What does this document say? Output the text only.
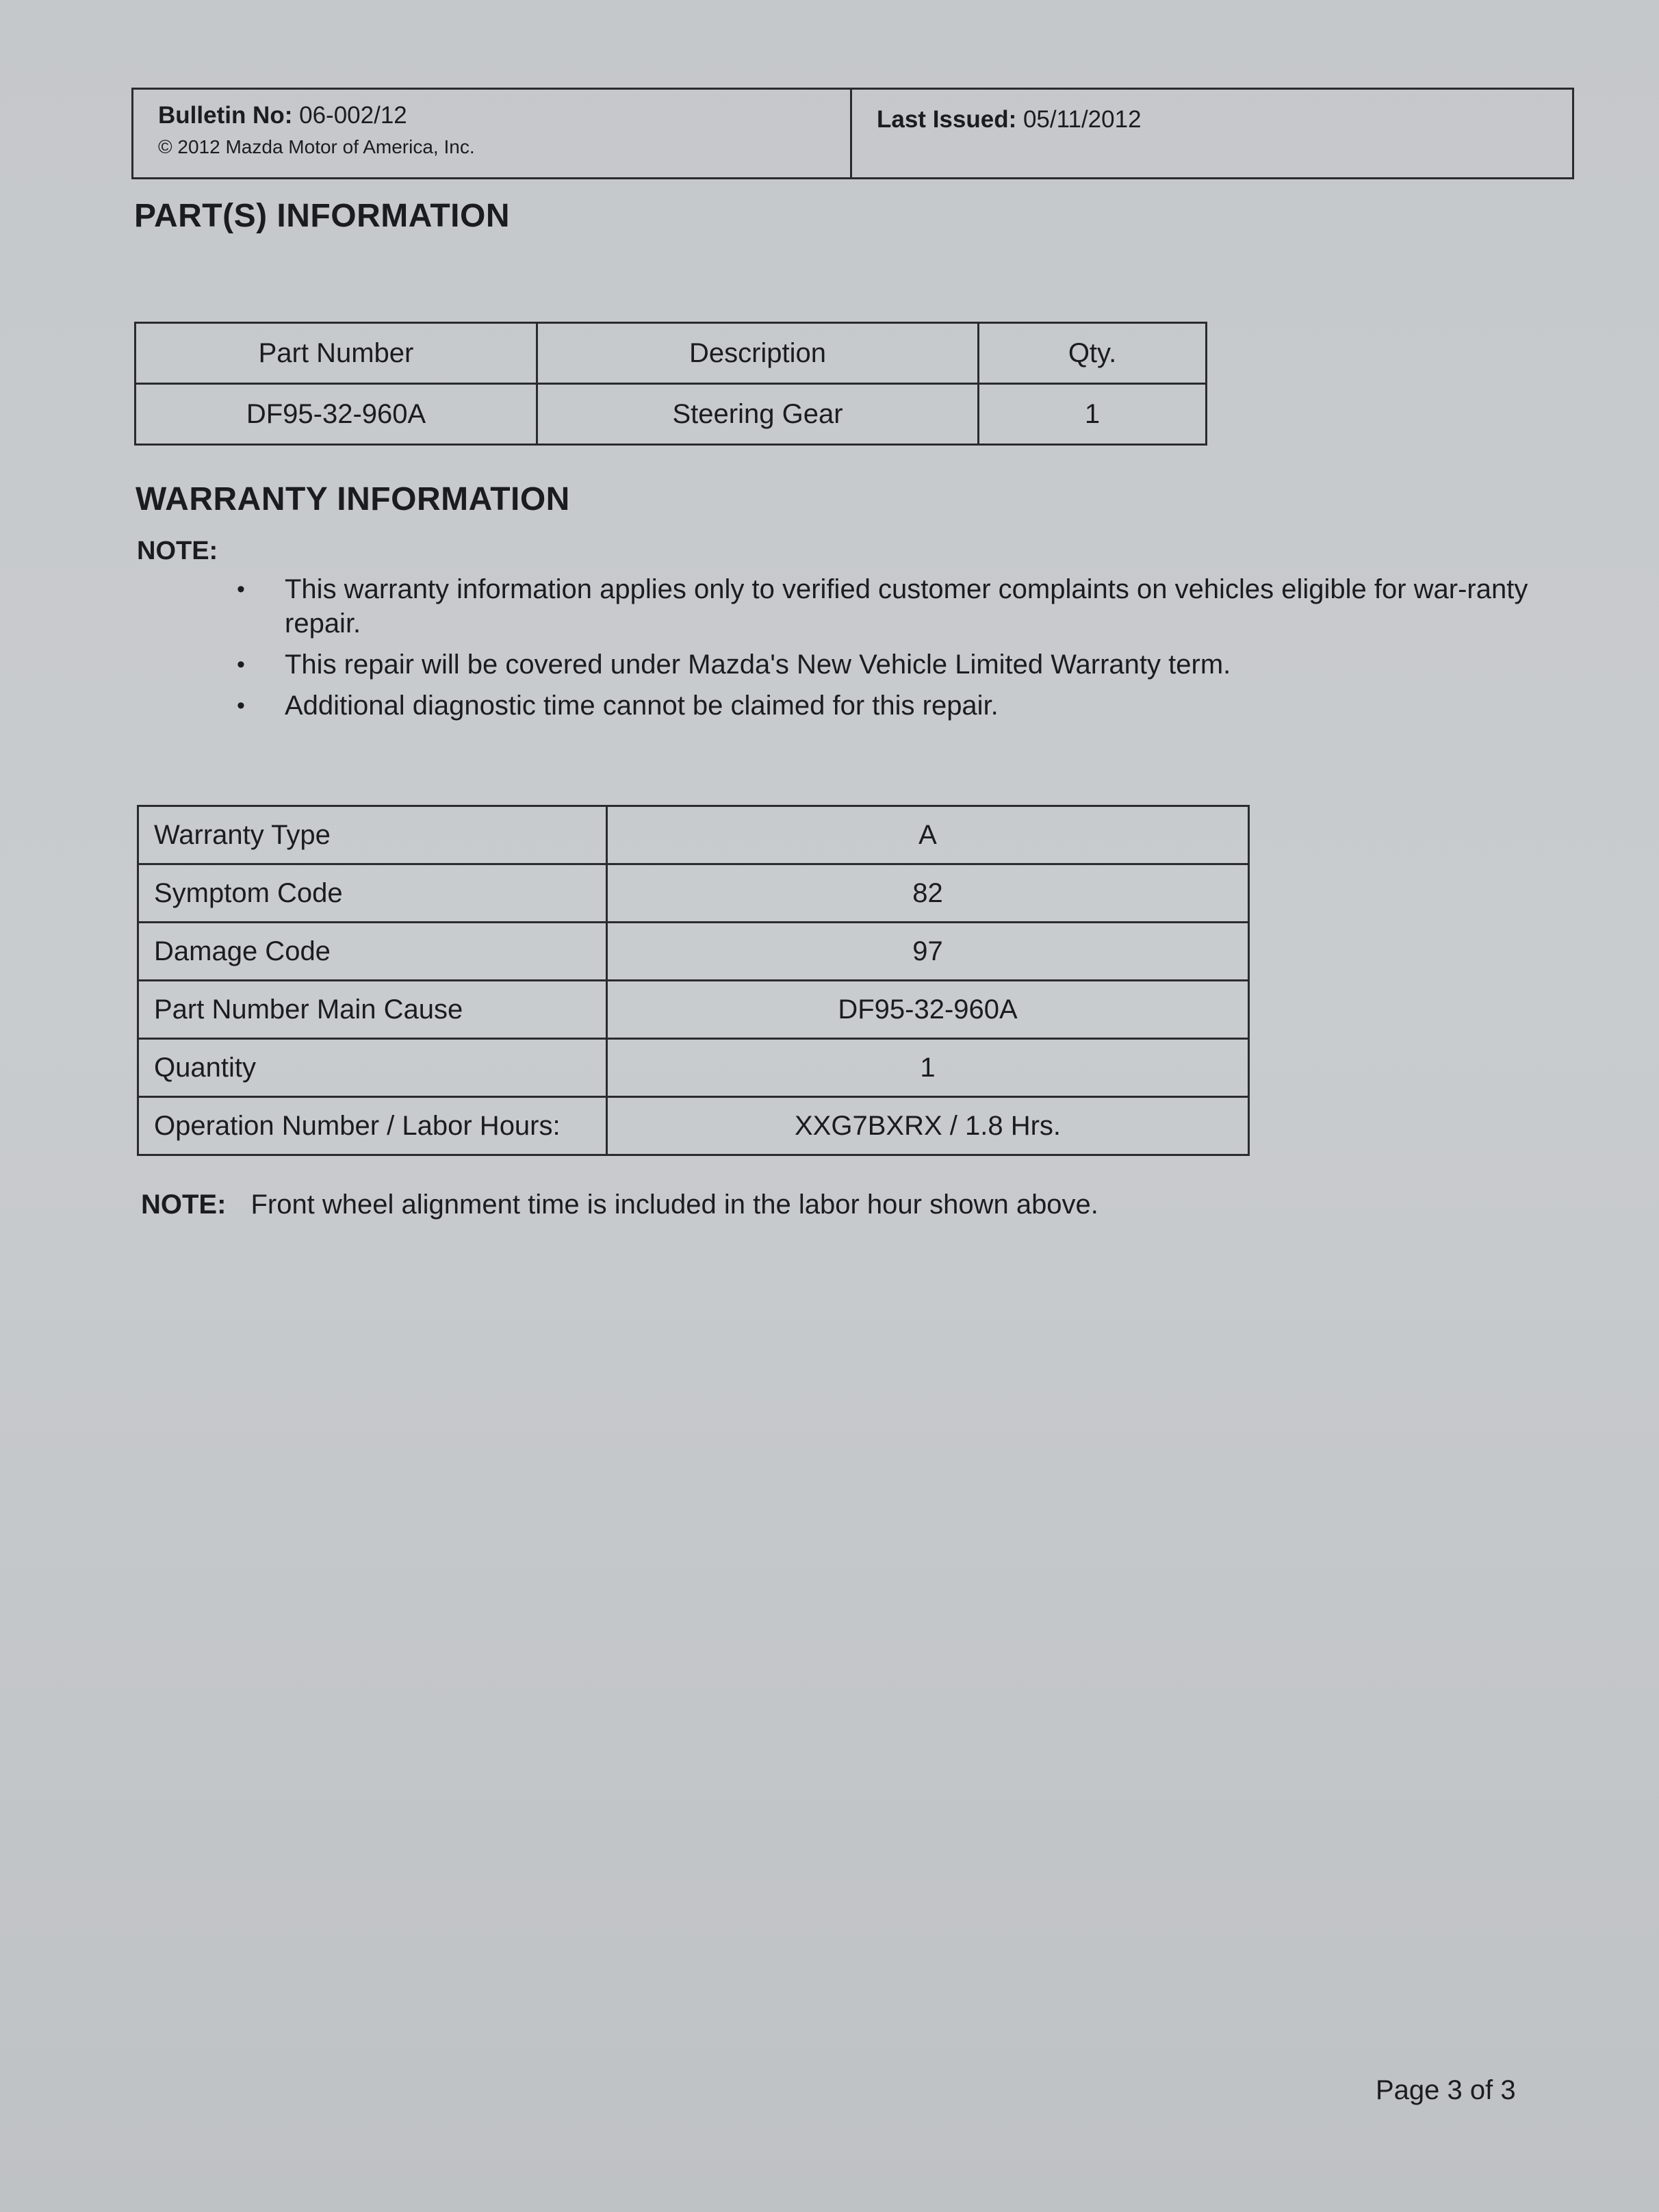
Bulletin No: 06-002/12
© 2012 Mazda Motor of America, Inc.
Last Issued: 05/11/2012
PART(S) INFORMATION
Part Number	Description	Qty.
DF95-32-960A	Steering Gear	1
WARRANTY INFORMATION
NOTE:
• This warranty information applies only to verified customer complaints on vehicles eligible for war-ranty repair.
• This repair will be covered under Mazda's New Vehicle Limited Warranty term.
• Additional diagnostic time cannot be claimed for this repair.
Warranty Type	A
Symptom Code	82
Damage Code	97
Part Number Main Cause	DF95-32-960A
Quantity	1
Operation Number / Labor Hours:	XXG7BXRX / 1.8 Hrs.
NOTE: Front wheel alignment time is included in the labor hour shown above.
Page 3 of 3
